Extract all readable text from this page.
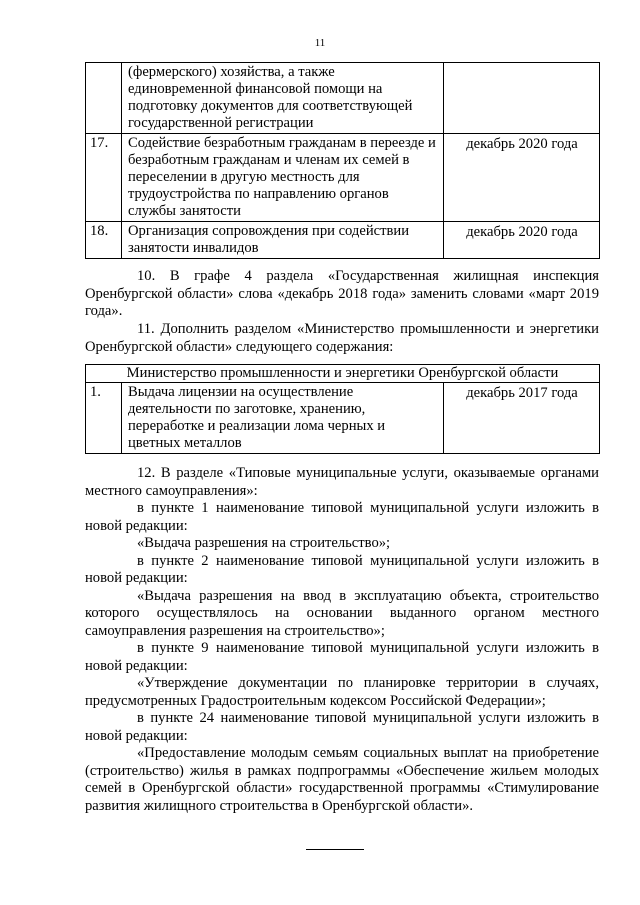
11
	(фермерского) хозяйства, а также единовременной финансовой помощи на подготовку документов для соответствующей государственной регистрации	
17.	Содействие безработным гражданам в переезде и безработным гражданам и членам их семей в переселении в другую местность для трудоустройства по направлению органов службы занятости	декабрь 2020 года
18.	Организация сопровождения при содействии занятости инвалидов	декабрь 2020 года

10. В графе 4 раздела «Государственная жилищная инспекция Оренбургской области» слова «декабрь 2018 года» заменить словами «март 2019 года».

11. Дополнить разделом «Министерство промышленности и энергетики Оренбургской области» следующего содержания:

Министерство промышленности и энергетики Оренбургской области
1.	Выдача лицензии на осуществление деятельности по заготовке, хранению, переработке и реализации лома черных и цветных металлов	декабрь 2017 года

12. В разделе «Типовые муниципальные услуги, оказываемые органами местного самоуправления»:

в пункте 1 наименование типовой муниципальной услуги изложить в новой редакции:

«Выдача разрешения на строительство»;

в пункте 2 наименование типовой муниципальной услуги изложить в новой редакции:

«Выдача разрешения на ввод в эксплуатацию объекта, строительство которого осуществлялось на основании выданного органом местного самоуправления разрешения на строительство»;

в пункте 9 наименование типовой муниципальной услуги изложить в новой редакции:

«Утверждение документации по планировке территории в случаях, предусмотренных Градостроительным кодексом Российской Федерации»;

в пункте 24 наименование типовой муниципальной услуги изложить в новой редакции:

«Предоставление молодым семьям социальных выплат на приобретение (строительство) жилья в рамках подпрограммы «Обеспечение жильем молодых семей в Оренбургской области» государственной программы «Стимулирование развития жилищного строительства в Оренбургской области».
